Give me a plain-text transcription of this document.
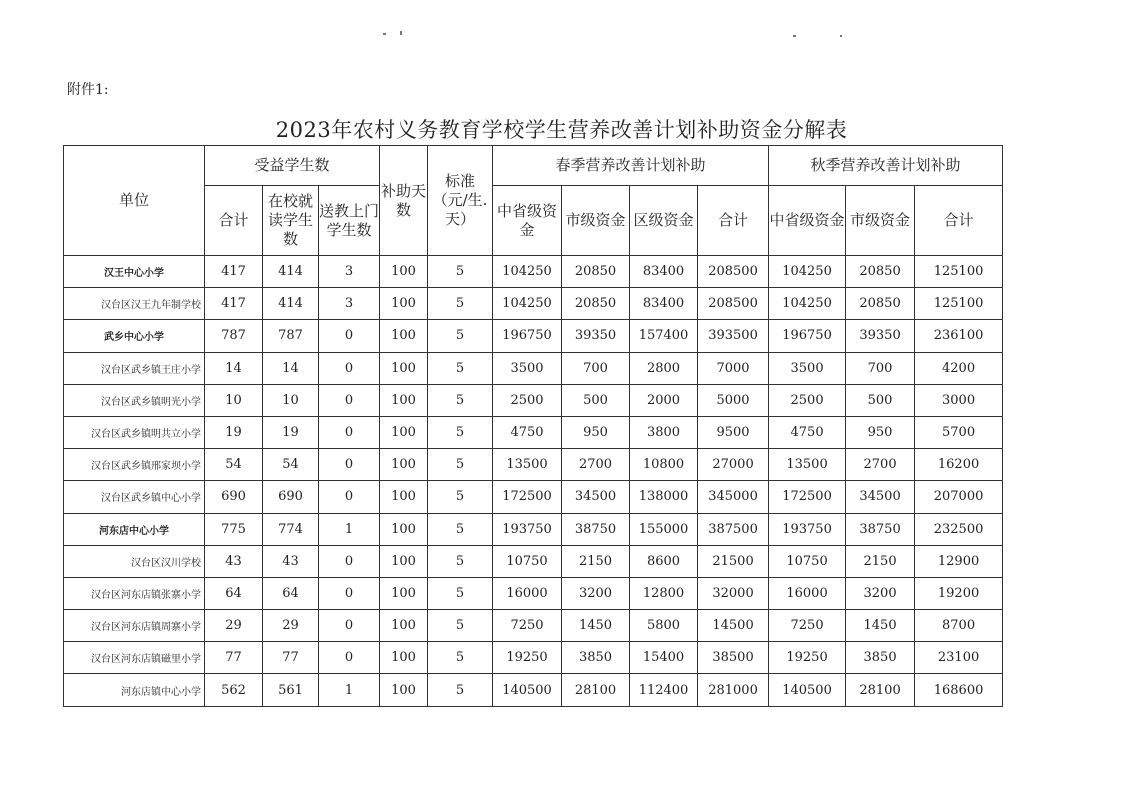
附件1:
2023年农村义务教育学校学生营养改善计划补助资金分解表
单位	受益学生数			补助天数	标准（元/生.天）	春季营养改善计划补助				秋季营养改善计划补助		
	合计	在校就读学生数	送教上门学生数			中省级资金	市级资金	区级资金	合计	中省级资金	市级资金	合计
汉王中心小学	417	414	3	100	5	104250	20850	83400	208500	104250	20850	125100
汉台区汉王九年制学校	417	414	3	100	5	104250	20850	83400	208500	104250	20850	125100
武乡中心小学	787	787	0	100	5	196750	39350	157400	393500	196750	39350	236100
汉台区武乡镇王庄小学	14	14	0	100	5	3500	700	2800	7000	3500	700	4200
汉台区武乡镇明光小学	10	10	0	100	5	2500	500	2000	5000	2500	500	3000
汉台区武乡镇明共立小学	19	19	0	100	5	4750	950	3800	9500	4750	950	5700
汉台区武乡镇邢家坝小学	54	54	0	100	5	13500	2700	10800	27000	13500	2700	16200
汉台区武乡镇中心小学	690	690	0	100	5	172500	34500	138000	345000	172500	34500	207000
河东店中心小学	775	774	1	100	5	193750	38750	155000	387500	193750	38750	232500
汉台区汉川学校	43	43	0	100	5	10750	2150	8600	21500	10750	2150	12900
汉台区河东店镇张寨小学	64	64	0	100	5	16000	3200	12800	32000	16000	3200	19200
汉台区河东店镇周寨小学	29	29	0	100	5	7250	1450	5800	14500	7250	1450	8700
汉台区河东店镇磁里小学	77	77	0	100	5	19250	3850	15400	38500	19250	3850	23100
河东店镇中心小学	562	561	1	100	5	140500	28100	112400	281000	140500	28100	168600
